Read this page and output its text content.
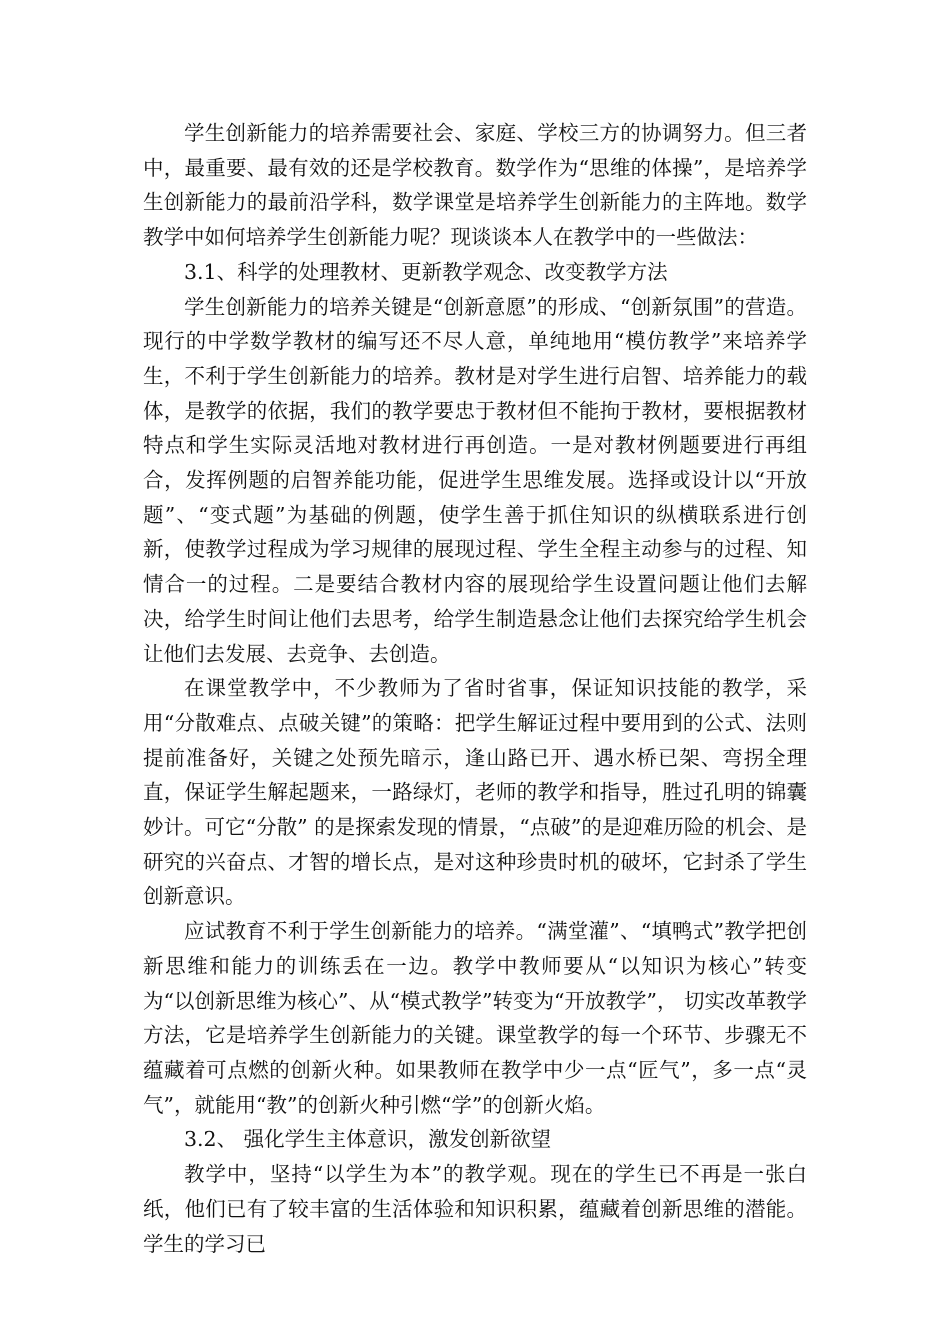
学生创新能力的培养需要社会、家庭、学校三方的协调努力。但三者中，最重要、最有效的还是学校教育。数学作为“思维的体操”，是培养学生创新能力的最前沿学科，数学课堂是培养学生创新能力的主阵地。数学教学中如何培养学生创新能力呢？现谈谈本人在教学中的一些做法：

3.1、科学的处理教材、更新教学观念、改变教学方法

学生创新能力的培养关键是“创新意愿”的形成、“创新氛围”的营造。现行的中学数学教材的编写还不尽人意，单纯地用“模仿教学”来培养学生，不利于学生创新能力的培养。教材是对学生进行启智、培养能力的载体，是教学的依据，我们的教学要忠于教材但不能拘于教材，要根据教材特点和学生实际灵活地对教材进行再创造。一是对教材例题要进行再组合，发挥例题的启智养能功能，促进学生思维发展。选择或设计以“开放题”、“变式题”为基础的例题，使学生善于抓住知识的纵横联系进行创新，使教学过程成为学习规律的展现过程、学生全程主动参与的过程、知情合一的过程。二是要结合教材内容的展现给学生设置问题让他们去解决，给学生时间让他们去思考，给学生制造悬念让他们去探究给学生机会让他们去发展、去竞争、去创造。

在课堂教学中，不少教师为了省时省事，保证知识技能的教学，采用“分散难点、点破关键”的策略：把学生解证过程中要用到的公式、法则提前准备好，关键之处预先暗示，逢山路已开、遇水桥已架、弯拐全理直，保证学生解起题来，一路绿灯，老师的教学和指导，胜过孔明的锦囊妙计。可它“分散” 的是探索发现的情景，“点破”的是迎难历险的机会、是研究的兴奋点、才智的增长点，是对这种珍贵时机的破坏，它封杀了学生创新意识。

应试教育不利于学生创新能力的培养。“满堂灌”、“填鸭式”教学把创新思维和能力的训练丢在一边。教学中教师要从“以知识为核心”转变为“以创新思维为核心”、从“模式教学”转变为“开放教学”， 切实改革教学方法，它是培养学生创新能力的关键。课堂教学的每一个环节、步骤无不蕴藏着可点燃的创新火种。如果教师在教学中少一点“匠气”，多一点“灵气”，就能用“教”的创新火种引燃“学”的创新火焰。

3.2、 强化学生主体意识，激发创新欲望

教学中，坚持“以学生为本”的教学观。现在的学生已不再是一张白纸，他们已有了较丰富的生活体验和知识积累，蕴藏着创新思维的潜能。学生的学习已
